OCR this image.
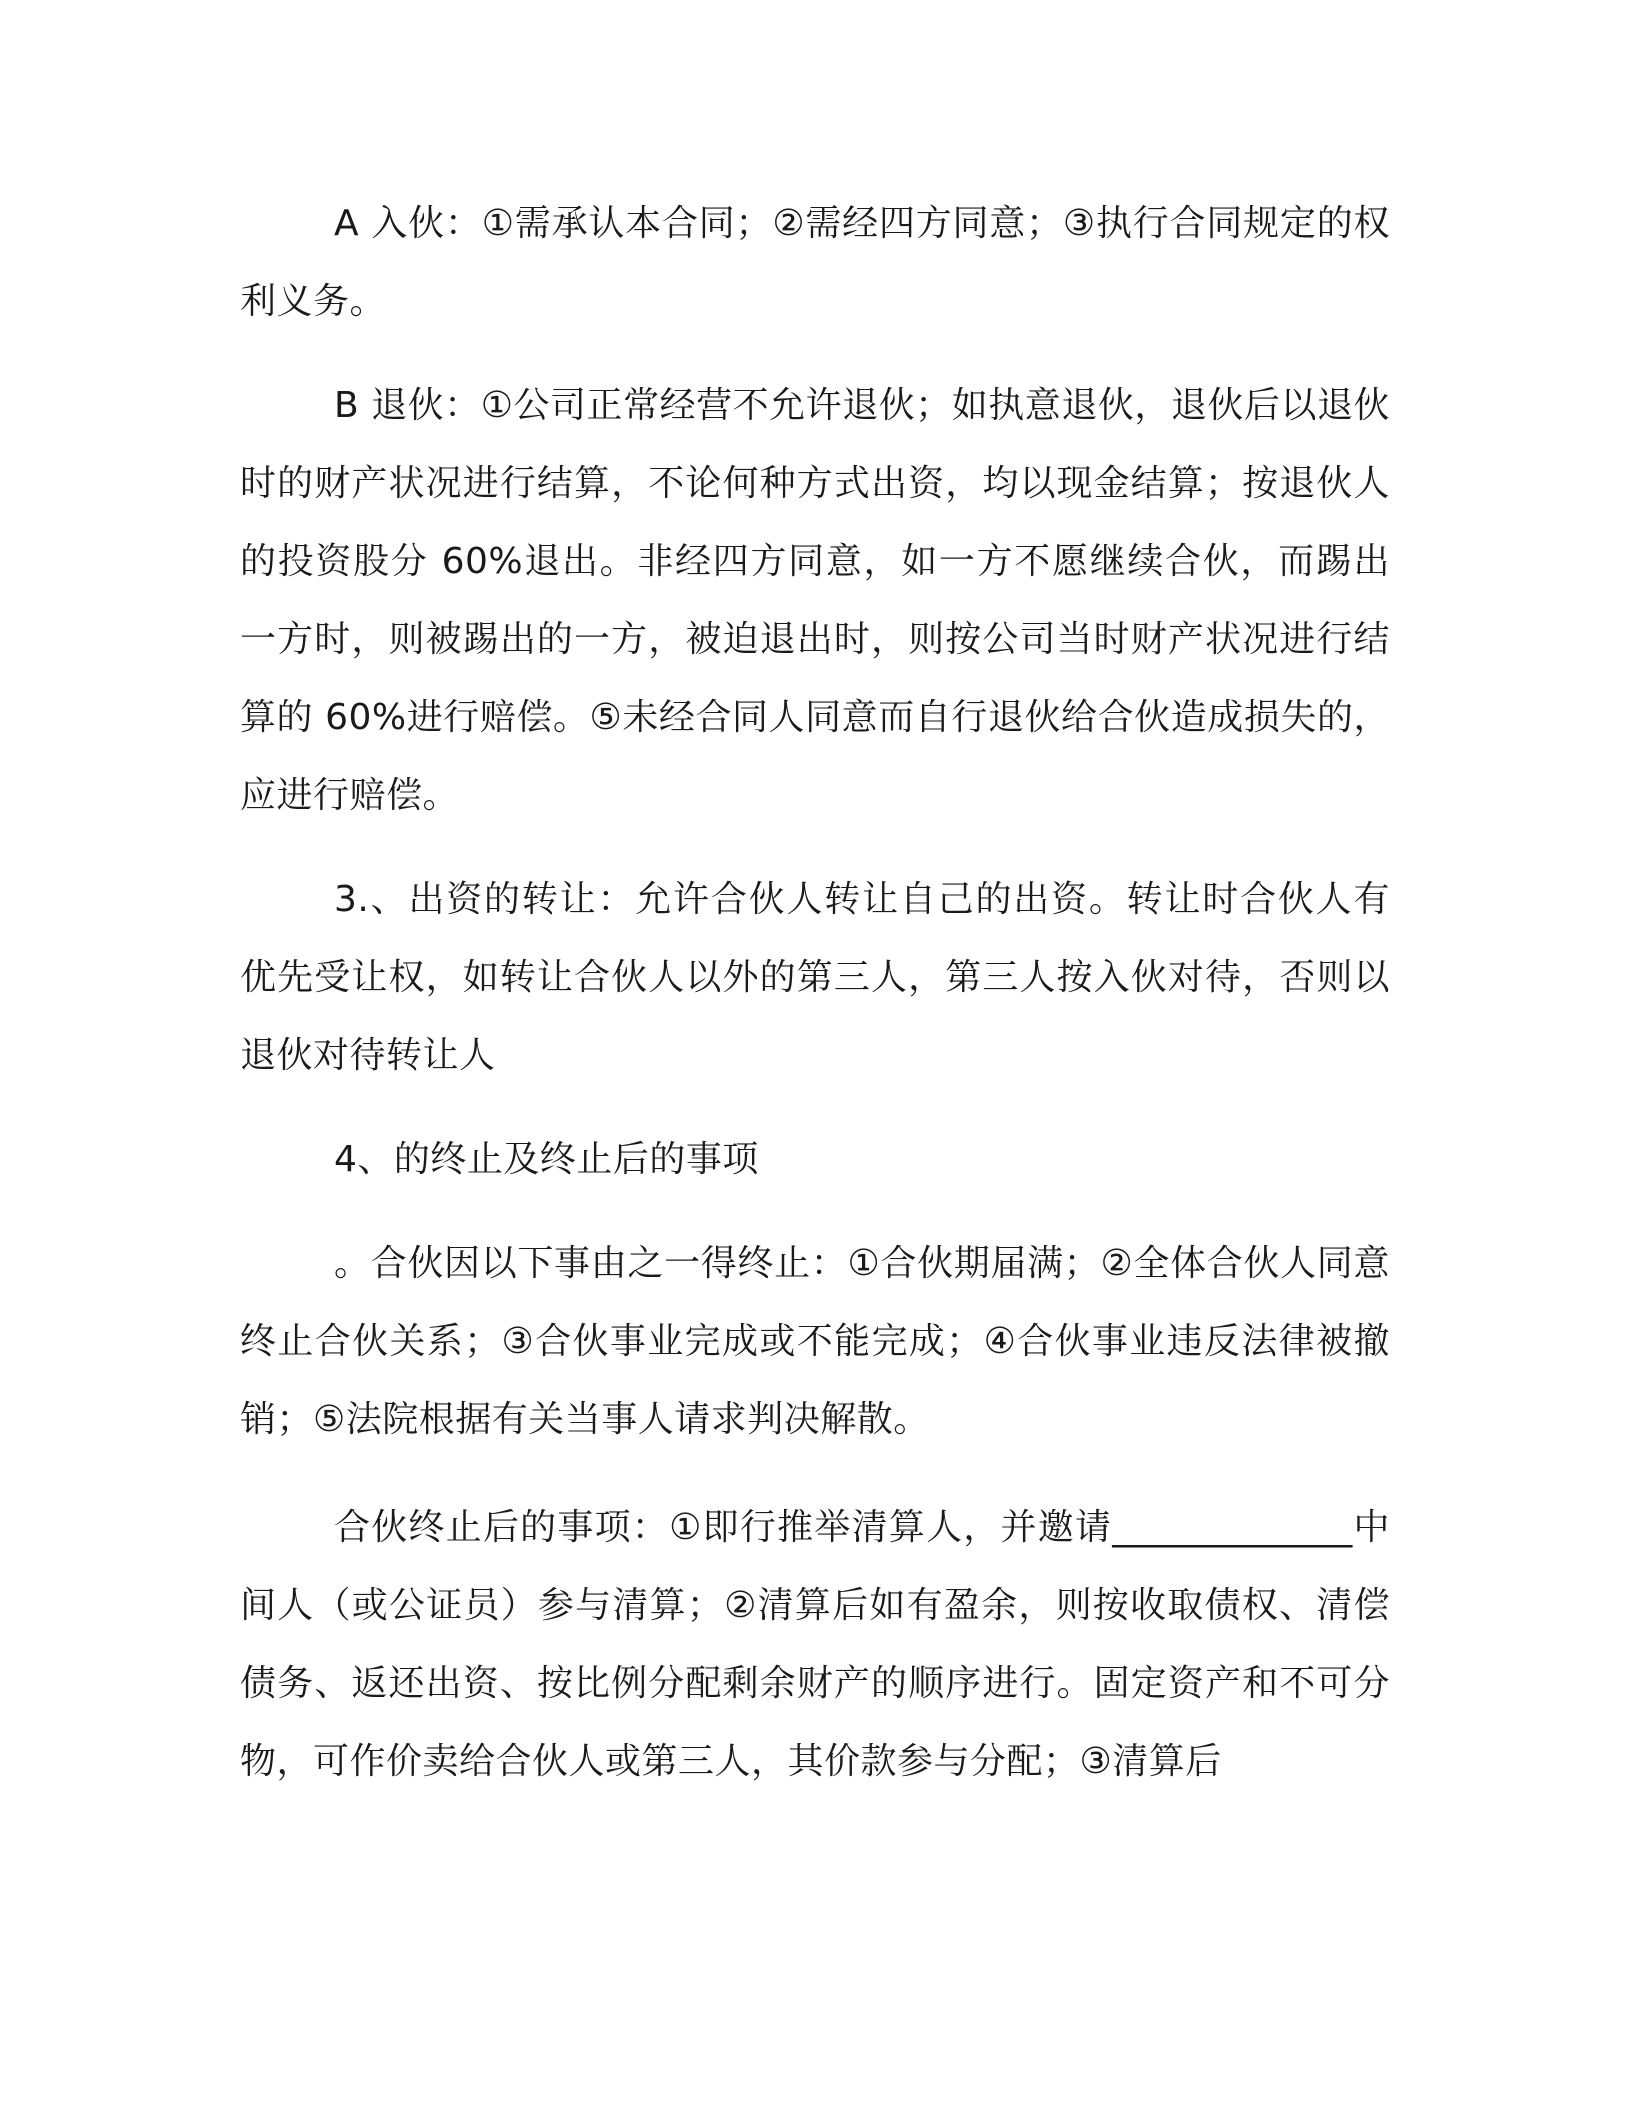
A 入伙：①需承认本合同；②需经四方同意；③执行合同规定的权利义务。

B 退伙：①公司正常经营不允许退伙；如执意退伙，退伙后以退伙时的财产状况进行结算，不论何种方式出资，均以现金结算；按退伙人的投资股分 60%退出。非经四方同意，如一方不愿继续合伙，而踢出一方时，则被踢出的一方，被迫退出时，则按公司当时财产状况进行结算的 60%进行赔偿。⑤未经合同人同意而自行退伙给合伙造成损失的，应进行赔偿。

3.、出资的转让：允许合伙人转让自己的出资。转让时合伙人有优先受让权，如转让合伙人以外的第三人，第三人按入伙对待，否则以退伙对待转让人

4、的终止及终止后的事项

。合伙因以下事由之一得终止：①合伙期届满；②全体合伙人同意终止合伙关系；③合伙事业完成或不能完成；④合伙事业违反法律被撤销；⑤法院根据有关当事人请求判决解散。

合伙终止后的事项：①即行推举清算人，并邀请_____________中间人（或公证员）参与清算；②清算后如有盈余，则按收取债权、清偿债务、返还出资、按比例分配剩余财产的顺序进行。固定资产和不可分物，可作价卖给合伙人或第三人，其价款参与分配；③清算后
